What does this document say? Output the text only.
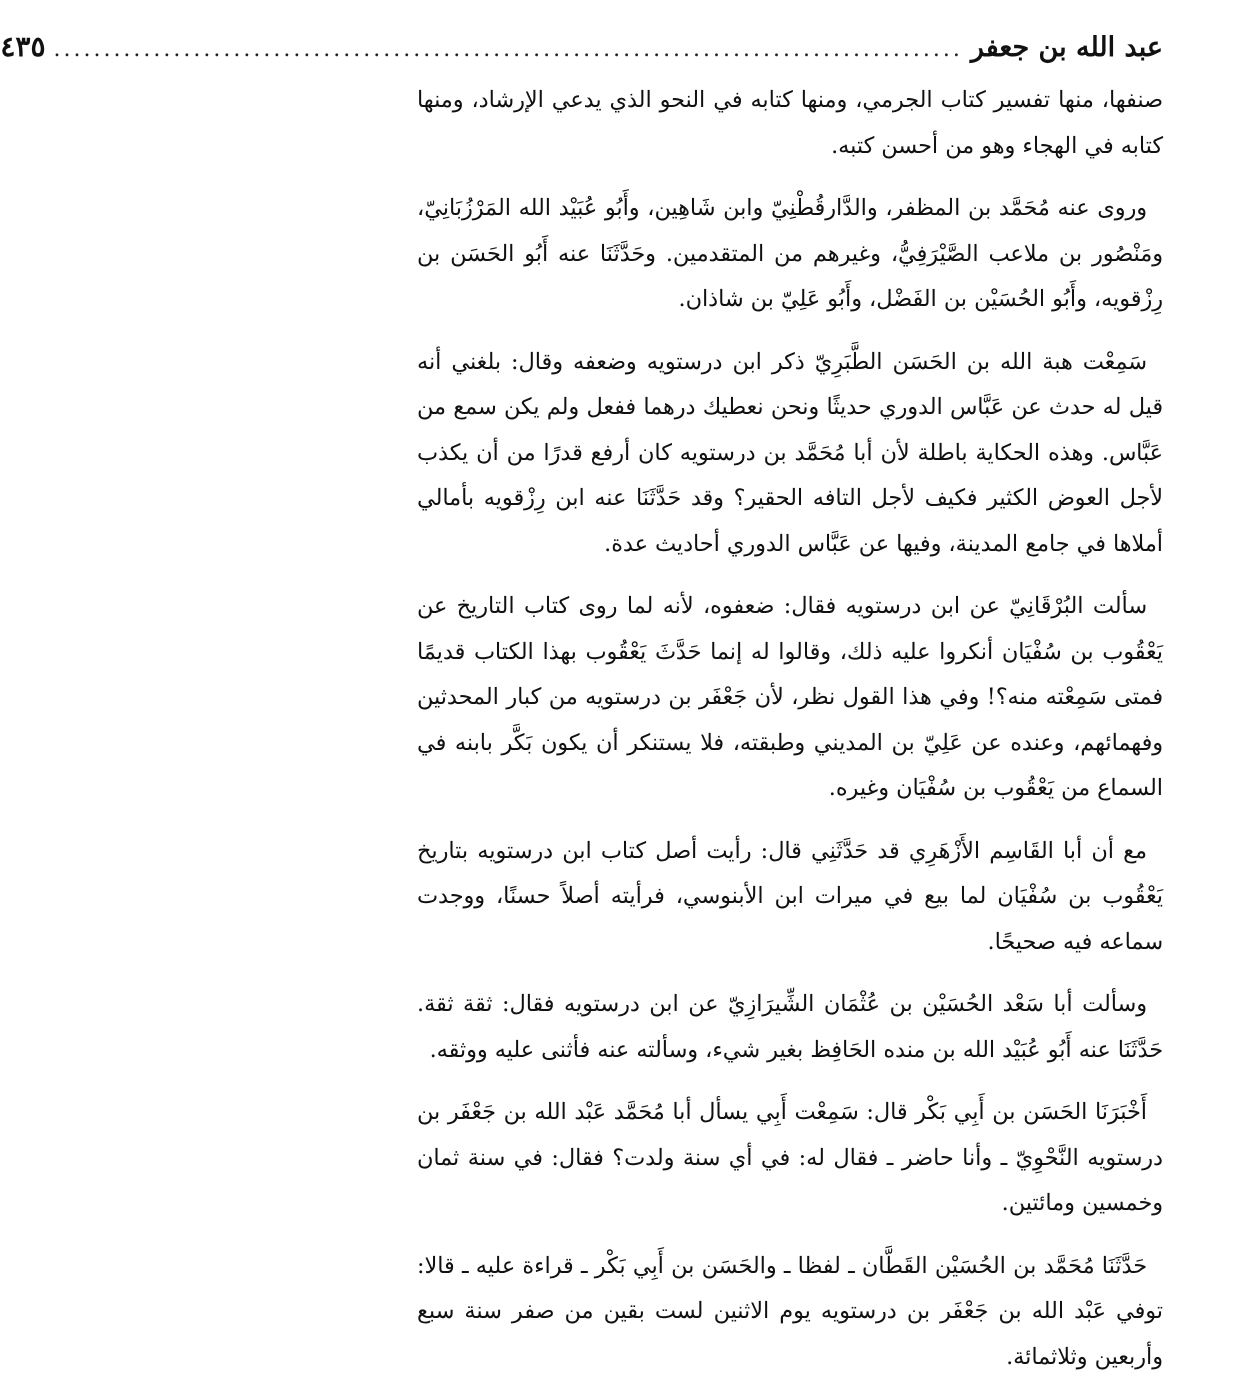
عبد الله بن جعفر
...........................................................................................
٤٣٥

صنفها، منها تفسير كتاب الجرمي، ومنها كتابه في النحو الذي يدعي الإرشاد، ومنها كتابه في الهجاء وهو من أحسن كتبه.

وروى عنه مُحَمَّد بن المظفر، والدَّارقُطْنِيّ وابن شَاهِين، وأَبُو عُبَيْد الله المَرْزُبَانِيّ، ومَنْصُور بن ملاعب الصَّيْرَفِيُّ، وغيرهم من المتقدمين. وحَدَّثَنَا عنه أَبُو الحَسَن بن رِزْقويه، وأَبُو الحُسَيْن بن الفَضْل، وأَبُو عَلِيّ بن شاذان.

سَمِعْت هبة الله بن الحَسَن الطَّبَرِيّ ذكر ابن درستويه وضعفه وقال: بلغني أنه قيل له حدث عن عَبَّاس الدوري حديثًا ونحن نعطيك درهما ففعل ولم يكن سمع من عَبَّاس. وهذه الحكاية باطلة لأن أبا مُحَمَّد بن درستويه كان أرفع قدرًا من أن يكذب لأجل العوض الكثير فكيف لأجل التافه الحقير؟ وقد حَدَّثَنَا عنه ابن رِزْقويه بأمالي أملاها في جامع المدينة، وفيها عن عَبَّاس الدوري أحاديث عدة.

سألت البُرْقَانِيّ عن ابن درستويه فقال: ضعفوه، لأنه لما روى كتاب التاريخ عن يَعْقُوب بن سُفْيَان أنكروا عليه ذلك، وقالوا له إنما حَدَّثَ يَعْقُوب بهذا الكتاب قديمًا فمتى سَمِعْته منه؟! وفي هذا القول نظر، لأن جَعْفَر بن درستويه من كبار المحدثين وفهمائهم، وعنده عن عَلِيّ بن المديني وطبقته، فلا يستنكر أن يكون بَكَّر بابنه في السماع من يَعْقُوب بن سُفْيَان وغيره.

مع أن أبا القَاسِم الأَزْهَرِي قد حَدَّثَنِي قال: رأيت أصل كتاب ابن درستويه بتاريخ يَعْقُوب بن سُفْيَان لما بيع في ميرات ابن الأبنوسي، فرأيته أصلاً حسنًا، ووجدت سماعه فيه صحيحًا.

وسألت أبا سَعْد الحُسَيْن بن عُثْمَان الشِّيرَازِيّ عن ابن درستويه فقال: ثقة ثقة. حَدَّثَنَا عنه أَبُو عُبَيْد الله بن منده الحَافِظ بغير شيء، وسألته عنه فأثنى عليه ووثقه.

أَخْبَرَنَا الحَسَن بن أَبِي بَكْر قال: سَمِعْت أَبِي يسأل أبا مُحَمَّد عَبْد الله بن جَعْفَر بن درستويه النَّحْوِيّ ـ وأنا حاضر ـ فقال له: في أي سنة ولدت؟ فقال: في سنة ثمان وخمسين ومائتين.

حَدَّثَنَا مُحَمَّد بن الحُسَيْن القَطَّان ـ لفظا ـ والحَسَن بن أَبِي بَكْر ـ قراءة عليه ـ قالا: توفي عَبْد الله بن جَعْفَر بن درستويه يوم الاثنين لست بقين من صفر سنة سبع وأربعين وثلاثمائة.
